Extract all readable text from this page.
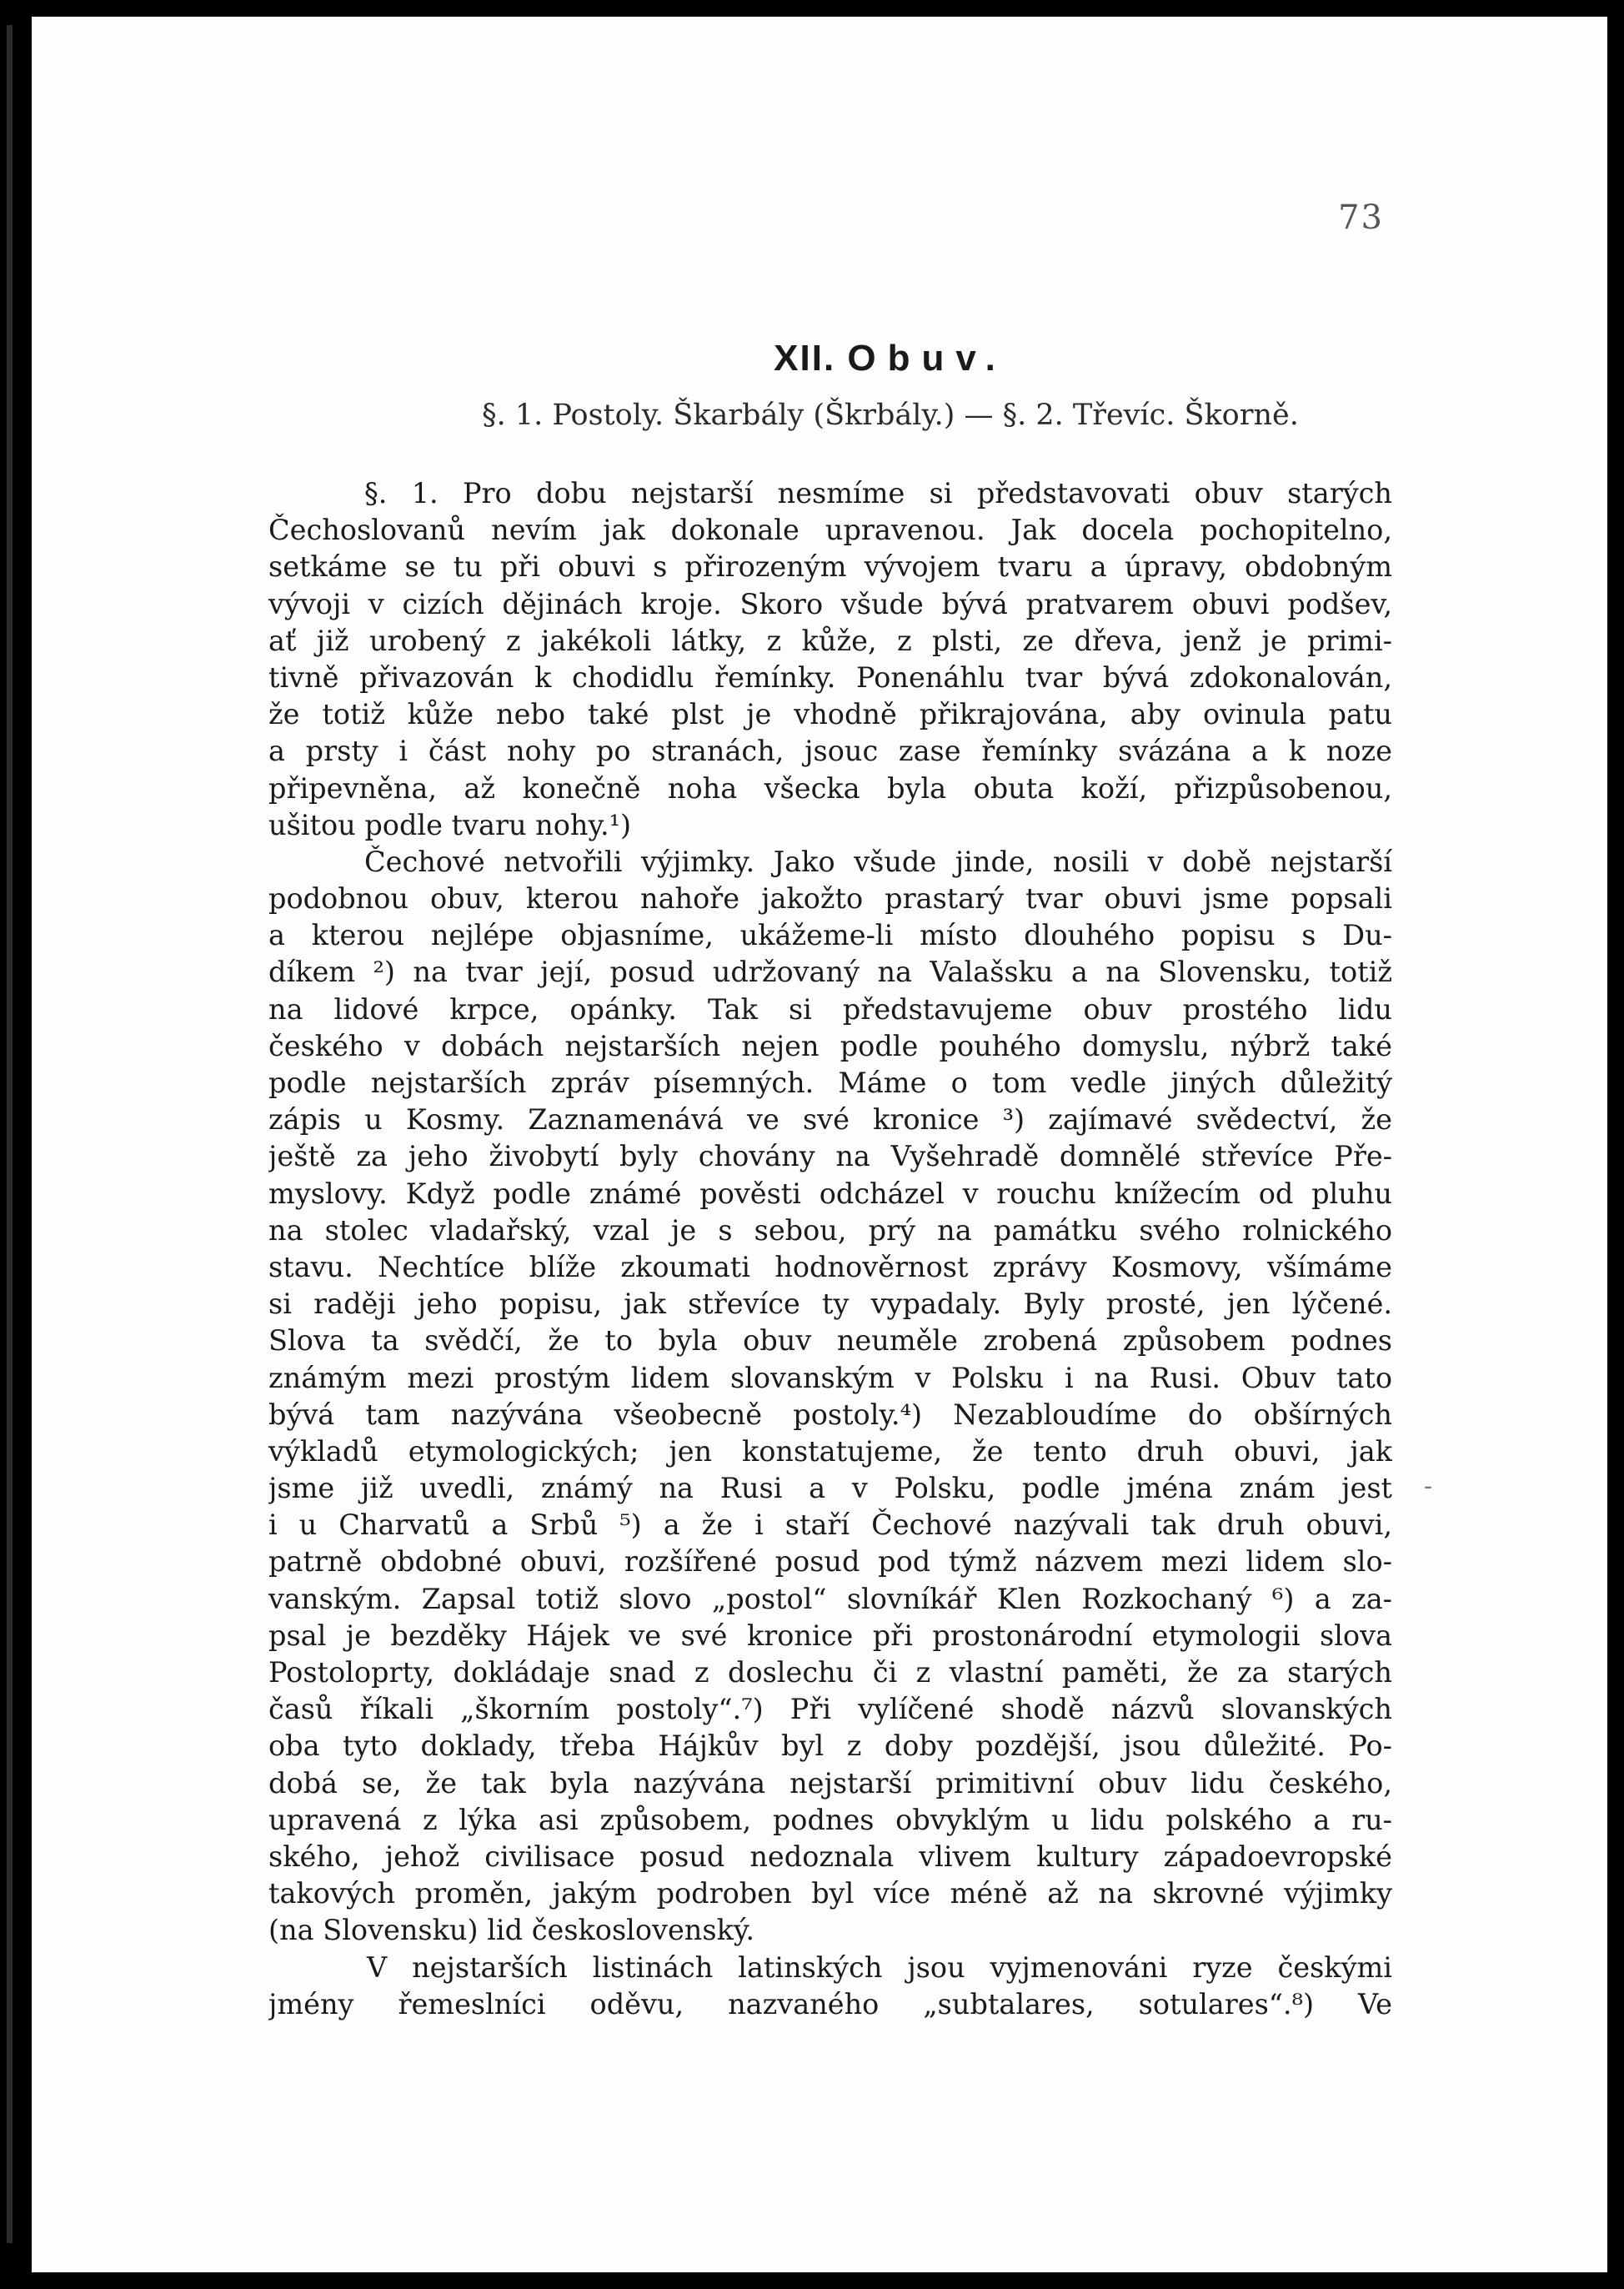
73
XII. Obuv.
§. 1. Postoly. Škarbály (Škrbály.) — §. 2. Třevíc. Škorně.
§. 1. Pro dobu nejstarší nesmíme si představovati obuv starých
Čechoslovanů nevím jak dokonale upravenou. Jak docela pochopitelno,
setkáme se tu při obuvi s přirozeným vývojem tvaru a úpravy, obdobným
vývoji v cizích dějinách kroje. Skoro všude bývá pratvarem obuvi podšev,
ať již urobený z jakékoli látky, z kůže, z plsti, ze dřeva, jenž je primi-
tivně přivazován k chodidlu řemínky. Ponenáhlu tvar bývá zdokonalován,
že totiž kůže nebo také plst je vhodně přikrajována, aby ovinula patu
a prsty i část nohy po stranách, jsouc zase řemínky svázána a k noze
připevněna, až konečně noha všecka byla obuta koží, přizpůsobenou,
ušitou podle tvaru nohy.¹)
Čechové netvořili výjimky. Jako všude jinde, nosili v době nejstarší
podobnou obuv, kterou nahoře jakožto prastarý tvar obuvi jsme popsali
a kterou nejlépe objasníme, ukážeme-li místo dlouhého popisu s Du-
díkem ²) na tvar její, posud udržovaný na Valašsku a na Slovensku, totiž
na lidové krpce, opánky. Tak si představujeme obuv prostého lidu
českého v dobách nejstarších nejen podle pouhého domyslu, nýbrž také
podle nejstarších zpráv písemných. Máme o tom vedle jiných důležitý
zápis u Kosmy. Zaznamenává ve své kronice ³) zajímavé svědectví, že
ještě za jeho živobytí byly chovány na Vyšehradě domnělé střevíce Pře-
myslovy. Když podle známé pověsti odcházel v rouchu knížecím od pluhu
na stolec vladařský, vzal je s sebou, prý na památku svého rolnického
stavu. Nechtíce blíže zkoumati hodnověrnost zprávy Kosmovy, všímáme
si raději jeho popisu, jak střevíce ty vypadaly. Byly prosté, jen lýčené.
Slova ta svědčí, že to byla obuv neuměle zrobená způsobem podnes
známým mezi prostým lidem slovanským v Polsku i na Rusi. Obuv tato
bývá tam nazývána všeobecně postoly.⁴) Nezabloudíme do obšírných
výkladů etymologických; jen konstatujeme, že tento druh obuvi, jak
jsme již uvedli, známý na Rusi a v Polsku, podle jména znám jest
i u Charvatů a Srbů ⁵) a že i staří Čechové nazývali tak druh obuvi,
patrně obdobné obuvi, rozšířené posud pod týmž názvem mezi lidem slo-
vanským. Zapsal totiž slovo „postol“ slovníkář Klen Rozkochaný ⁶) a za-
psal je bezděky Hájek ve své kronice při prostonárodní etymologii slova
Postoloprty, dokládaje snad z doslechu či z vlastní paměti, že za starých
časů říkali „škorním postoly“.⁷) Při vylíčené shodě názvů slovanských
oba tyto doklady, třeba Hájkův byl z doby pozdější, jsou důležité. Po-
dobá se, že tak byla nazývána nejstarší primitivní obuv lidu českého,
upravená z lýka asi způsobem, podnes obvyklým u lidu polského a ru-
ského, jehož civilisace posud nedoznala vlivem kultury západoevropské
takových proměn, jakým podroben byl více méně až na skrovné výjimky
(na Slovensku) lid československý.
V nejstarších listinách latinských jsou vyjmenováni ryze českými
jmény řemeslníci oděvu, nazvaného „subtalares, sotulares“.⁸) Ve
-
